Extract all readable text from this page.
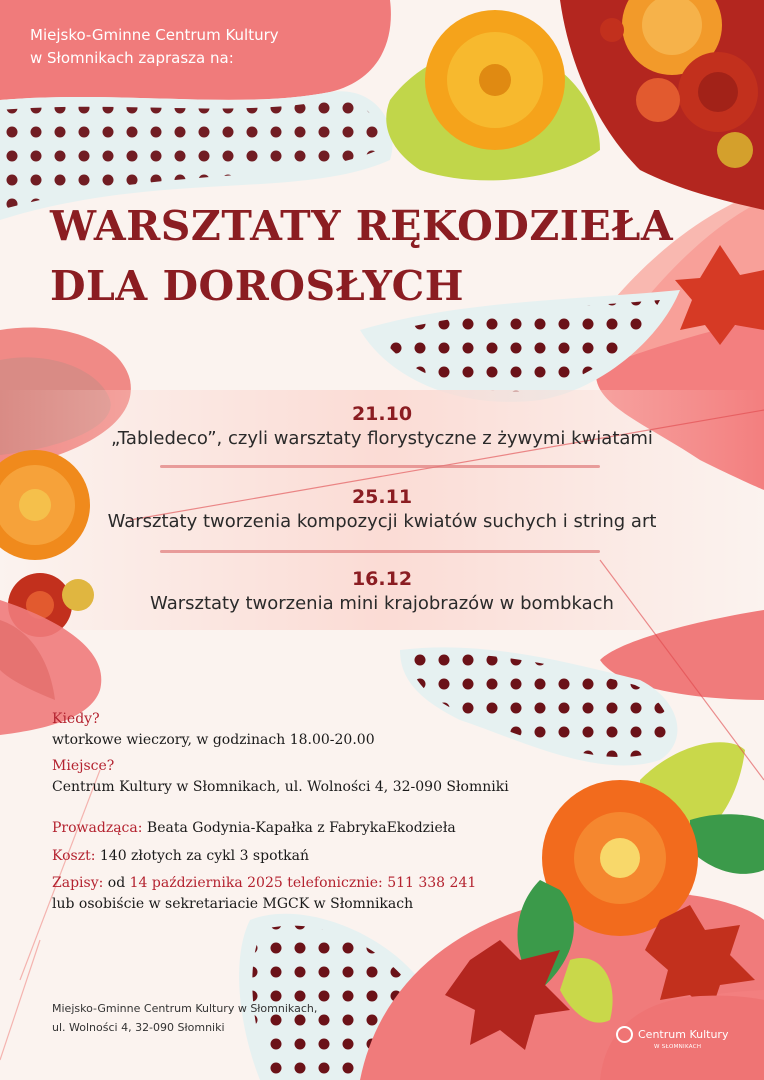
Miejsko-Gminne Centrum Kultury
w Słomnikach zaprasza na:
WARSZTATY RĘKODZIEŁA
DLA DOROSŁYCH
21.10
„Tabledeco”, czyli warsztaty florystyczne z żywymi kwiatami
25.11
Warsztaty tworzenia kompozycji kwiatów suchych i string art
16.12
Warsztaty tworzenia mini krajobrazów w bombkach
Kiedy?
wtorkowe wieczory, w godzinach 18.00-20.00
Miejsce?
Centrum Kultury w Słomnikach, ul. Wolności 4, 32-090 Słomniki
Prowadząca: Beata Godynia-Kapałka z FabrykaEkodzieła
Koszt: 140 złotych za cykl 3 spotkań
Zapisy: od 14 października 2025 telefonicznie: 511 338 241
lub osobiście w sekretariacie MGCK w Słomnikach
Miejsko-Gminne Centrum Kultury w Słomnikach,
ul. Wolności 4, 32-090 Słomniki
Centrum Kultury
W SŁOMNIKACH
